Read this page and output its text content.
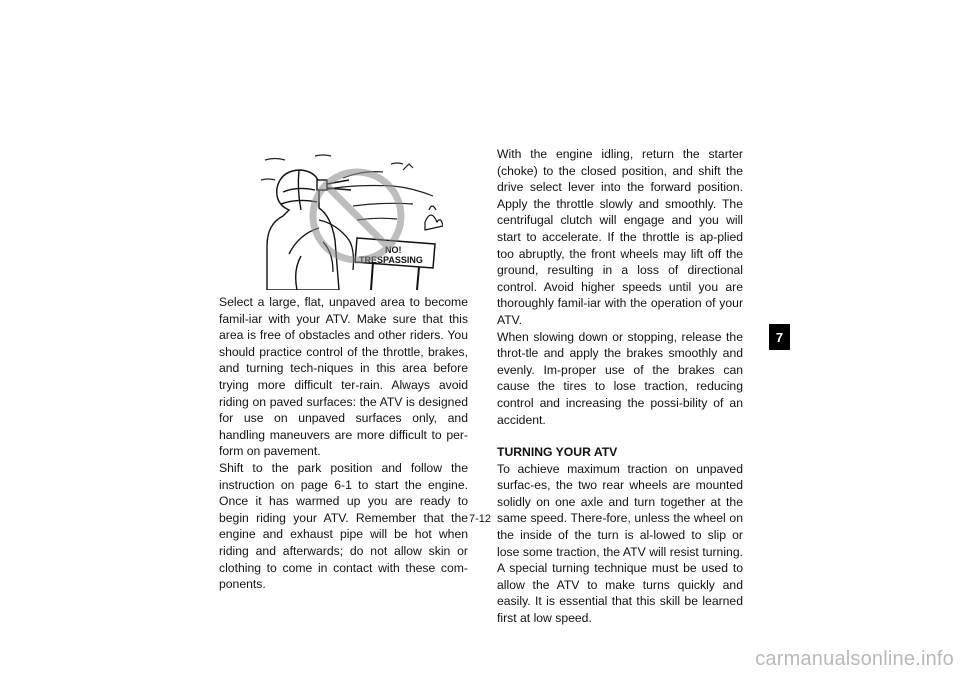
NO!
TRESPASSING

Select a large, flat, unpaved area to become famil-iar with your ATV. Make sure that this area is free of obstacles and other riders. You should practice control of the throttle, brakes, and turning tech-niques in this area before trying more difficult ter-rain. Always avoid riding on paved surfaces: the ATV is designed for use on unpaved surfaces only, and handling maneuvers are more difficult to per-form on pavement.

Shift to the park position and follow the instruction on page 6-1 to start the engine. Once it has warmed up you are ready to begin riding your ATV. Remember that the engine and exhaust pipe will be hot when riding and afterwards; do not allow skin or clothing to come in contact with these com-ponents.

With the engine idling, return the starter (choke) to the closed position, and shift the drive select lever into the forward position. Apply the throttle slowly and smoothly. The centrifugal clutch will engage and you will start to accelerate. If the throttle is ap-plied too abruptly, the front wheels may lift off the ground, resulting in a loss of directional control. Avoid higher speeds until you are thoroughly famil-iar with the operation of your ATV.

When slowing down or stopping, release the throt-tle and apply the brakes smoothly and evenly. Im-proper use of the brakes can cause the tires to lose traction, reducing control and increasing the possi-bility of an accident.

TURNING YOUR ATV

To achieve maximum traction on unpaved surfac-es, the two rear wheels are mounted solidly on one axle and turn together at the same speed. There-fore, unless the wheel on the inside of the turn is al-lowed to slip or lose some traction, the ATV will resist turning. A special turning technique must be used to allow the ATV to make turns quickly and easily. It is essential that this skill be learned first at low speed.

7-12
7
carmanualsonline.info
